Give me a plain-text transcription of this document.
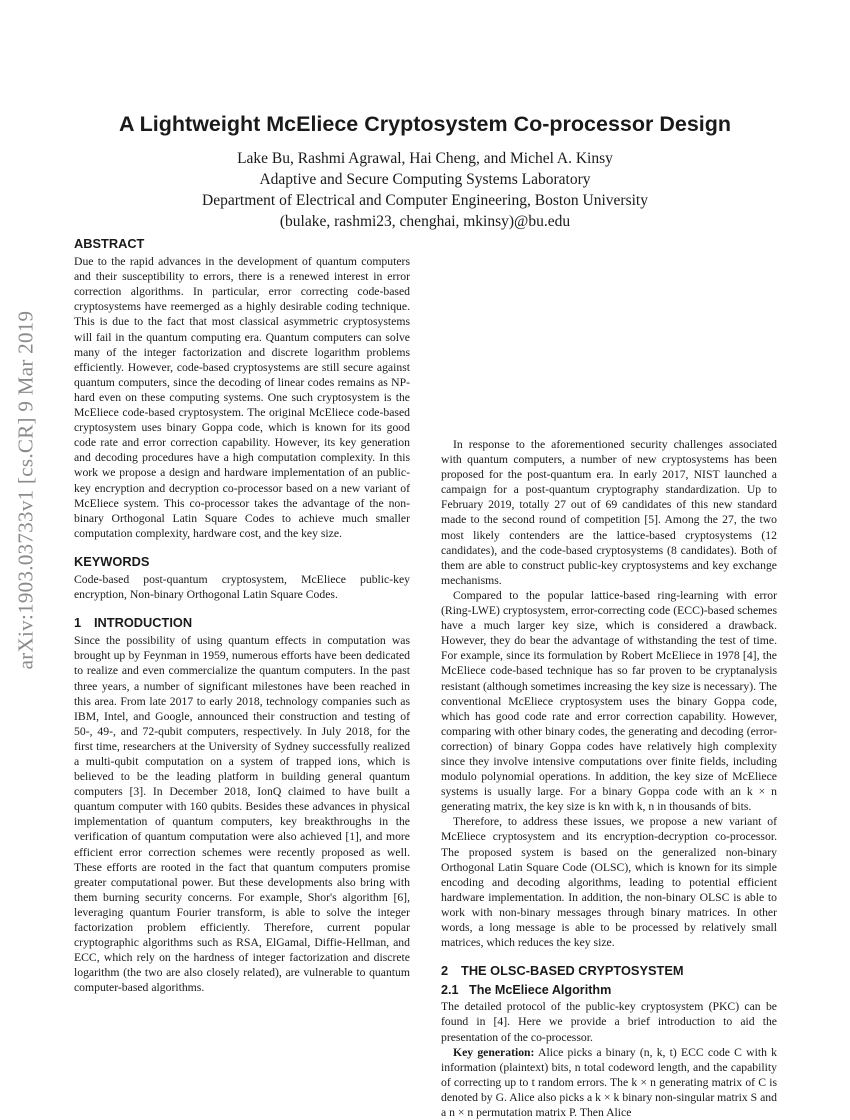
arXiv:1903.03733v1 [cs.CR] 9 Mar 2019
A Lightweight McEliece Cryptosystem Co-processor Design
Lake Bu, Rashmi Agrawal, Hai Cheng, and Michel A. Kinsy
Adaptive and Secure Computing Systems Laboratory
Department of Electrical and Computer Engineering, Boston University
(bulake, rashmi23, chenghai, mkinsy)@bu.edu
ABSTRACT

Due to the rapid advances in the development of quantum computers and their susceptibility to errors, there is a renewed interest in error correction algorithms. In particular, error correcting code-based cryptosystems have reemerged as a highly desirable coding technique. This is due to the fact that most classical asymmetric cryptosystems will fail in the quantum computing era. Quantum computers can solve many of the integer factorization and discrete logarithm problems efficiently. However, code-based cryptosystems are still secure against quantum computers, since the decoding of linear codes remains as NP-hard even on these computing systems. One such cryptosystem is the McEliece code-based cryptosystem. The original McEliece code-based cryptosystem uses binary Goppa code, which is known for its good code rate and error correction capability. However, its key generation and decoding procedures have a high computation complexity. In this work we propose a design and hardware implementation of an public-key encryption and decryption co-processor based on a new variant of McEliece system. This co-processor takes the advantage of the non-binary Orthogonal Latin Square Codes to achieve much smaller computation complexity, hardware cost, and the key size.

KEYWORDS

Code-based post-quantum cryptosystem, McEliece public-key encryption, Non-binary Orthogonal Latin Square Codes.

1 INTRODUCTION

Since the possibility of using quantum effects in computation was brought up by Feynman in 1959, numerous efforts have been dedicated to realize and even commercialize the quantum computers. In the past three years, a number of significant milestones have been reached in this area. From late 2017 to early 2018, technology companies such as IBM, Intel, and Google, announced their construction and testing of 50-, 49-, and 72-qubit computers, respectively. In July 2018, for the first time, researchers at the University of Sydney successfully realized a multi-qubit computation on a system of trapped ions, which is believed to be the leading platform in building general quantum computers [3]. In December 2018, IonQ claimed to have built a quantum computer with 160 qubits. Besides these advances in physical implementation of quantum computers, key breakthroughs in the verification of quantum computation were also achieved [1], and more efficient error correction schemes were recently proposed as well. These efforts are rooted in the fact that quantum computers promise greater computational power. But these developments also bring with them burning security concerns. For example, Shor's algorithm [6], leveraging quantum Fourier transform, is able to solve the integer factorization problem efficiently. Therefore, current popular cryptographic algorithms such as RSA, ElGamal, Diffie-Hellman, and ECC, which rely on the hardness of integer factorization and discrete logarithm (the two are also closely related), are vulnerable to quantum computer-based algorithms.

In response to the aforementioned security challenges associated with quantum computers, a number of new cryptosystems has been proposed for the post-quantum era. In early 2017, NIST launched a campaign for a post-quantum cryptography standardization. Up to February 2019, totally 27 out of 69 candidates of this new standard made to the second round of competition [5]. Among the 27, the two most likely contenders are the lattice-based cryptosystems (12 candidates), and the code-based cryptosystems (8 candidates). Both of them are able to construct public-key cryptosystems and key exchange mechanisms.

Compared to the popular lattice-based ring-learning with error (Ring-LWE) cryptosystem, error-correcting code (ECC)-based schemes have a much larger key size, which is considered a drawback. However, they do bear the advantage of withstanding the test of time. For example, since its formulation by Robert McEliece in 1978 [4], the McEliece code-based technique has so far proven to be cryptanalysis resistant (although sometimes increasing the key size is necessary). The conventional McEliece cryptosystem uses the binary Goppa code, which has good code rate and error correction capability. However, comparing with other binary codes, the generating and decoding (error-correction) of binary Goppa codes have relatively high complexity since they involve intensive computations over finite fields, including modulo polynomial operations. In addition, the key size of McEliece systems is usually large. For a binary Goppa code with an k × n generating matrix, the key size is kn with k, n in thousands of bits.

Therefore, to address these issues, we propose a new variant of McEliece cryptosystem and its encryption-decryption co-processor. The proposed system is based on the generalized non-binary Orthogonal Latin Square Code (OLSC), which is known for its simple encoding and decoding algorithms, leading to potential efficient hardware implementation. In addition, the non-binary OLSC is able to work with non-binary messages through binary matrices. In other words, a long message is able to be processed by relatively small matrices, which reduces the key size.

2 THE OLSC-BASED CRYPTOSYSTEM
2.1 The McEliece Algorithm

The detailed protocol of the public-key cryptosystem (PKC) can be found in [4]. Here we provide a brief introduction to aid the presentation of the co-processor.

Key generation: Alice picks a binary (n, k, t) ECC code C with k information (plaintext) bits, n total codeword length, and the capability of correcting up to t random errors. The k × n generating matrix of C is denoted by G. Alice also picks a k × k binary non-singular matrix S and a n × n permutation matrix P. Then Alice
